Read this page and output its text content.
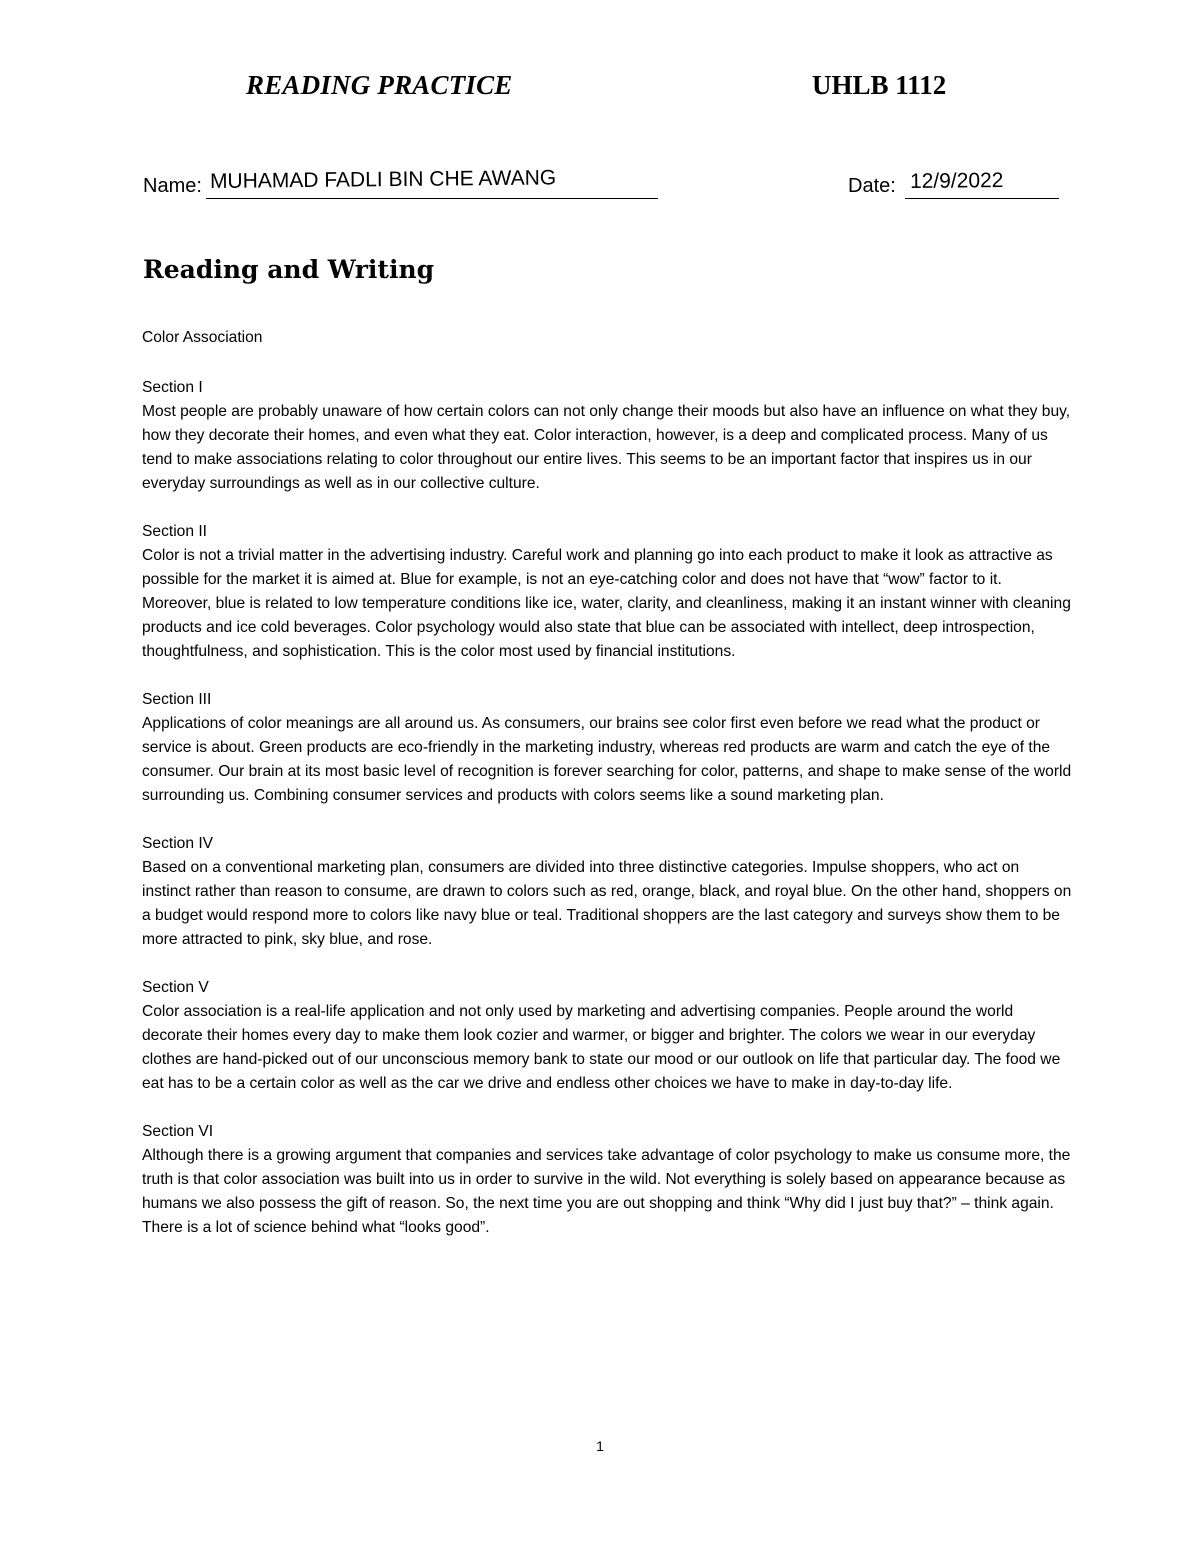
READING PRACTICE	UHLB 1112
Name: MUHAMAD FADLI BIN CHE AWANG	Date: 12/9/2022
Reading and Writing
Color Association
Section I

Most people are probably unaware of how certain colors can not only change their moods but also have an influence on what they buy, how they decorate their homes, and even what they eat. Color interaction, however, is a deep and complicated process. Many of us tend to make associations relating to color throughout our entire lives. This seems to be an important factor that inspires us in our everyday surroundings as well as in our collective culture.

Section II

Color is not a trivial matter in the advertising industry. Careful work and planning go into each product to make it look as attractive as possible for the market it is aimed at. Blue for example, is not an eye-catching color and does not have that “wow” factor to it. Moreover, blue is related to low temperature conditions like ice, water, clarity, and cleanliness, making it an instant winner with cleaning products and ice cold beverages. Color psychology would also state that blue can be associated with intellect, deep introspection, thoughtfulness, and sophistication. This is the color most used by financial institutions.

Section III

Applications of color meanings are all around us. As consumers, our brains see color first even before we read what the product or service is about. Green products are eco-friendly in the marketing industry, whereas red products are warm and catch the eye of the consumer. Our brain at its most basic level of recognition is forever searching for color, patterns, and shape to make sense of the world surrounding us. Combining consumer services and products with colors seems like a sound marketing plan.

Section IV

Based on a conventional marketing plan, consumers are divided into three distinctive categories. Impulse shoppers, who act on instinct rather than reason to consume, are drawn to colors such as red, orange, black, and royal blue. On the other hand, shoppers on a budget would respond more to colors like navy blue or teal. Traditional shoppers are the last category and surveys show them to be more attracted to pink, sky blue, and rose.

Section V

Color association is a real-life application and not only used by marketing and advertising companies. People around the world decorate their homes every day to make them look cozier and warmer, or bigger and brighter. The colors we wear in our everyday clothes are hand-picked out of our unconscious memory bank to state our mood or our outlook on life that particular day. The food we eat has to be a certain color as well as the car we drive and endless other choices we have to make in day-to-day life.

Section VI

Although there is a growing argument that companies and services take advantage of color psychology to make us consume more, the truth is that color association was built into us in order to survive in the wild. Not everything is solely based on appearance because as humans we also possess the gift of reason. So, the next time you are out shopping and think “Why did I just buy that?” – think again. There is a lot of science behind what “looks good”.

1
